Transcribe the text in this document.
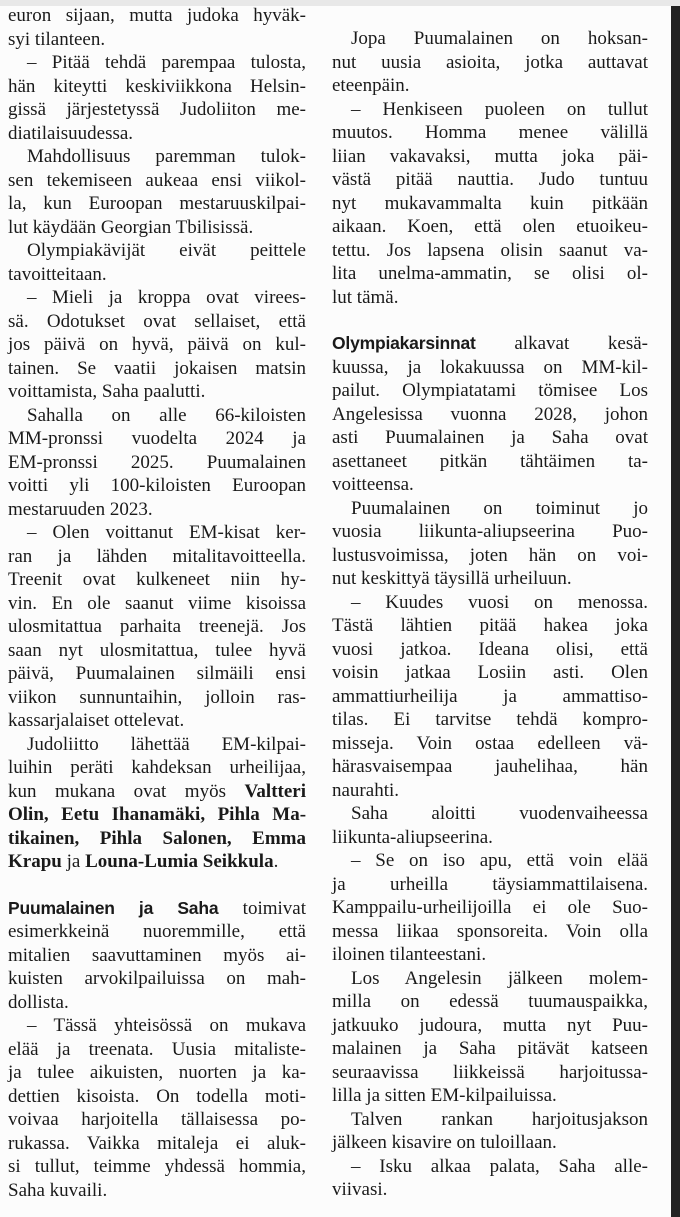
euron sijaan, mutta judoka hyväk-
syi tilanteen.
– Pitää tehdä parempaa tulosta,
hän kiteytti keskiviikkona Helsin-
gissä järjestetyssä Judoliiton me-
diatilaisuudessa.
Mahdollisuus paremman tulok-
sen tekemiseen aukeaa ensi viikol-
la, kun Euroopan mestaruuskilpai-
lut käydään Georgian Tbilisissä.
Olympiakävijät eivät peittele
tavoitteitaan.
– Mieli ja kroppa ovat virees-
sä. Odotukset ovat sellaiset, että
jos päivä on hyvä, päivä on kul-
tainen. Se vaatii jokaisen matsin
voittamista, Saha paalutti.
Sahalla on alle 66-kiloisten
MM-pronssi vuodelta 2024 ja
EM-pronssi 2025. Puumalainen
voitti yli 100-kiloisten Euroopan
mestaruuden 2023.
– Olen voittanut EM-kisat ker-
ran ja lähden mitalitavoitteella.
Treenit ovat kulkeneet niin hy-
vin. En ole saanut viime kisoissa
ulosmitattua parhaita treenejä. Jos
saan nyt ulosmitattua, tulee hyvä
päivä, Puumalainen silmäili ensi
viikon sunnuntaihin, jolloin ras-
kassarjalaiset ottelevat.
Judoliitto lähettää EM-kilpai-
luihin peräti kahdeksan urheilijaa,
kun mukana ovat myös Valtteri
Olin, Eetu Ihanamäki, Pihla Ma-
tikainen, Pihla Salonen, Emma
Krapu ja Louna-Lumia Seikkula.
Puumalainen ja Saha toimivat
esimerkkeinä nuoremmille, että
mitalien saavuttaminen myös ai-
kuisten arvokilpailuissa on mah-
dollista.
– Tässä yhteisössä on mukava
elää ja treenata. Uusia mitaliste-
ja tulee aikuisten, nuorten ja ka-
dettien kisoista. On todella moti-
voivaa harjoitella tällaisessa po-
rukassa. Vaikka mitaleja ei aluk-
si tullut, teimme yhdessä hommia,
Saha kuvaili.
Jopa Puumalainen on hoksan-
nut uusia asioita, jotka auttavat
eteenpäin.
– Henkiseen puoleen on tullut
muutos. Homma menee välillä
liian vakavaksi, mutta joka päi-
västä pitää nauttia. Judo tuntuu
nyt mukavammalta kuin pitkään
aikaan. Koen, että olen etuoikeu-
tettu. Jos lapsena olisin saanut va-
lita unelma-ammatin, se olisi ol-
lut tämä.
Olympiakarsinnat alkavat kesä-
kuussa, ja lokakuussa on MM-kil-
pailut. Olympiatatami tömisee Los
Angelesissa vuonna 2028, johon
asti Puumalainen ja Saha ovat
asettaneet pitkän tähtäimen ta-
voitteensa.
Puumalainen on toiminut jo
vuosia liikunta-aliupseerina Puo-
lustusvoimissa, joten hän on voi-
nut keskittyä täysillä urheiluun.
– Kuudes vuosi on menossa.
Tästä lähtien pitää hakea joka
vuosi jatkoa. Ideana olisi, että
voisin jatkaa Losiin asti. Olen
ammattiurheilija ja ammattiso-
tilas. Ei tarvitse tehdä kompro-
misseja. Voin ostaa edelleen vä-
härasvaisempaa jauhelihaa, hän
naurahti.
Saha aloitti vuodenvaiheessa
liikunta-aliupseerina.
– Se on iso apu, että voin elää
ja urheilla täysiammattilaisena.
Kamppailu-urheilijoilla ei ole Suo-
messa liikaa sponsoreita. Voin olla
iloinen tilanteestani.
Los Angelesin jälkeen molem-
milla on edessä tuumauspaikka,
jatkuuko judoura, mutta nyt Puu-
malainen ja Saha pitävät katseen
seuraavissa liikkeissä harjoitussa-
lilla ja sitten EM-kilpailuissa.
Talven rankan harjoitusjakson
jälkeen kisavire on tuloillaan.
– Isku alkaa palata, Saha alle-
viivasi.
